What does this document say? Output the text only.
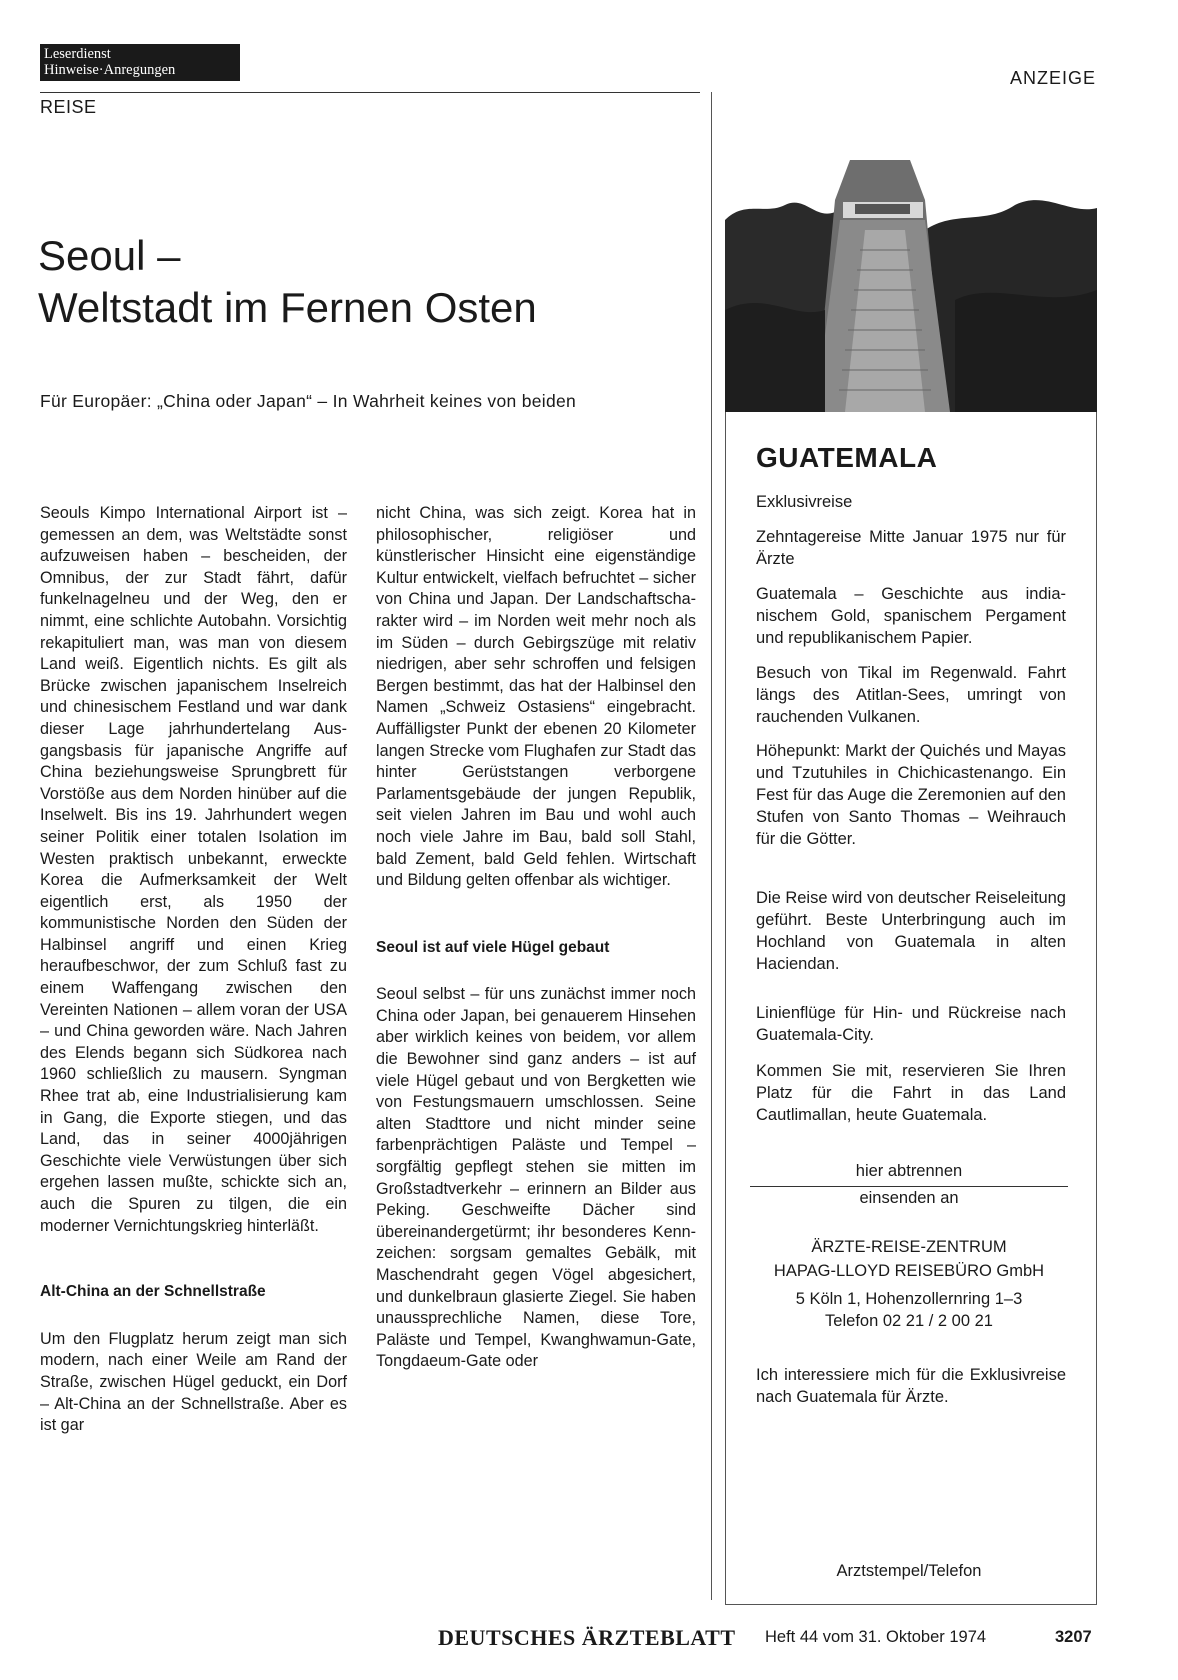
Leserdienst
Hinweise·Anregungen
REISE
ANZEIGE
Seoul –
Weltstadt im Fernen Osten
Für Europäer: „China oder Japan“ – In Wahrheit keines von beiden

Seouls Kimpo International Airport ist – gemessen an dem, was Weltstädte sonst aufzuweisen haben – bescheiden, der Omnibus, der zur Stadt fährt, dafür funkelnagelneu und der Weg, den er nimmt, eine schlichte Autobahn. Vorsichtig rekapituliert man, was man von diesem Land weiß. Eigentlich nichts. Es gilt als Brücke zwischen japanischem Inselreich und chinesischem Festland und war dank dieser Lage jahrhundertelang Ausgangsbasis für japanische Angriffe auf China beziehungsweise Sprungbrett für Vorstöße aus dem Norden hinüber auf die Inselwelt. Bis ins 19. Jahrhundert wegen seiner Politik einer totalen Isolation im Westen praktisch unbekannt, erweckte Korea die Aufmerksamkeit der Welt eigentlich erst, als 1950 der kommunistische Norden den Süden der Halbinsel angriff und einen Krieg heraufbeschwor, der zum Schluß fast zu einem Waffengang zwischen den Vereinten Nationen – allem voran der USA – und China geworden wäre. Nach Jahren des Elends begann sich Südkorea nach 1960 schließlich zu mausern. Syngman Rhee trat ab, eine Industrialisierung kam in Gang, die Exporte stiegen, und das Land, das in seiner 4000jährigen Geschichte viele Verwüstungen über sich ergehen lassen mußte, schickte sich an, auch die Spuren zu tilgen, die ein moderner Vernichtungskrieg hinterläßt.

Alt-China an der Schnellstraße

Um den Flugplatz herum zeigt man sich modern, nach einer Weile am Rand der Straße, zwischen Hügel geduckt, ein Dorf – Alt-China an der Schnellstraße. Aber es ist gar

nicht China, was sich zeigt. Korea hat in philosophischer, religiöser und künstlerischer Hinsicht eine eigenständige Kultur entwickelt, vielfach befruchtet – sicher von China und Japan. Der Landschaftscharakter wird – im Norden weit mehr noch als im Süden – durch Gebirgszüge mit relativ niedrigen, aber sehr schroffen und felsigen Bergen bestimmt, das hat der Halbinsel den Namen „Schweiz Ostasiens“ eingebracht. Auffälligster Punkt der ebenen 20 Kilometer langen Strecke vom Flughafen zur Stadt das hinter Gerüststangen verborgene Parlamentsgebäude der jungen Republik, seit vielen Jahren im Bau und wohl auch noch viele Jahre im Bau, bald soll Stahl, bald Zement, bald Geld fehlen. Wirtschaft und Bildung gelten offenbar als wichtiger.

Seoul ist auf viele Hügel gebaut

Seoul selbst – für uns zunächst immer noch China oder Japan, bei genauerem Hinsehen aber wirklich keines von beidem, vor allem die Bewohner sind ganz anders – ist auf viele Hügel gebaut und von Bergketten wie von Festungsmauern umschlossen. Seine alten Stadttore und nicht minder seine farbenprächtigen Paläste und Tempel – sorgfältig gepflegt stehen sie mitten im Großstadtverkehr – erinnern an Bilder aus Peking. Geschweifte Dächer sind übereinandergetürmt; ihr besonderes Kennzeichen: sorgsam gemaltes Gebälk, mit Maschendraht gegen Vögel abgesichert, und dunkelbraun glasierte Ziegel. Sie haben unaussprechliche Namen, diese Tore, Paläste und Tempel, Kwanghwamun-Gate, Tongdaeum-Gate oder

GUATEMALA
Exklusivreise
Zehntagereise Mitte Januar 1975 nur für Ärzte
Guatemala – Geschichte aus indianischem Gold, spanischem Pergament und republikanischem Papier.
Besuch von Tikal im Regenwald. Fahrt längs des Atitlan-Sees, umringt von rauchenden Vulkanen.
Höhepunkt: Markt der Quichés und Mayas und Tzutuhiles in Chichicastenango. Ein Fest für das Auge die Zeremonien auf den Stufen von Santo Thomas – Weihrauch für die Götter.
Die Reise wird von deutscher Reiseleitung geführt. Beste Unterbringung auch im Hochland von Guatemala in alten Haciendan.
Linienflüge für Hin- und Rückreise nach Guatemala-City.
Kommen Sie mit, reservieren Sie Ihren Platz für die Fahrt in das Land Cautlimallan, heute Guatemala.
hier abtrennen
einsenden an
ÄRZTE-REISE-ZENTRUM
HAPAG-LLOYD REISEBÜRO GmbH
5 Köln 1, Hohenzollernring 1–3
Telefon 02 21 / 2 00 21
Ich interessiere mich für die Exklusivreise nach Guatemala für Ärzte.
Arztstempel/Telefon
DEUTSCHES ÄRZTEBLATT Heft 44 vom 31. Oktober 1974	3207
